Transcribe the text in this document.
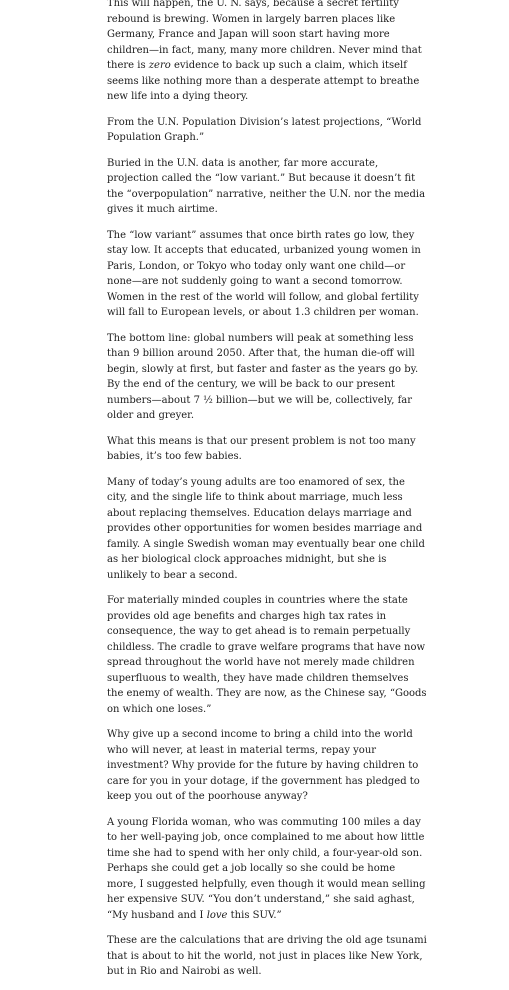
This will happen, the U. N. says, because a secret fertility rebound is brewing. Women in largely barren places like Germany, France and Japan will soon start having more children—in fact, many, many more children. Never mind that there is zero evidence to back up such a claim, which itself seems like nothing more than a desperate attempt to breathe new life into a dying theory.

From the U.N. Population Division’s latest projections, “World Population Graph.”

Buried in the U.N. data is another, far more accurate, projection called the “low variant.” But because it doesn’t fit the “overpopulation” narrative, neither the U.N. nor the media gives it much airtime.

The “low variant” assumes that once birth rates go low, they stay low. It accepts that educated, urbanized young women in Paris, London, or Tokyo who today only want one child—or none—are not suddenly going to want a second tomorrow. Women in the rest of the world will follow, and global fertility will fall to European levels, or about 1.3 children per woman.

The bottom line: global numbers will peak at something less than 9 billion around 2050. After that, the human die-off will begin, slowly at first, but faster and faster as the years go by. By the end of the century, we will be back to our present numbers—about 7 ½ billion—but we will be, collectively, far older and greyer.

What this means is that our present problem is not too many babies, it’s too few babies.

Many of today’s young adults are too enamored of sex, the city, and the single life to think about marriage, much less about replacing themselves. Education delays marriage and provides other opportunities for women besides marriage and family. A single Swedish woman may eventually bear one child as her biological clock approaches midnight, but she is unlikely to bear a second.

For materially minded couples in countries where the state provides old age benefits and charges high tax rates in consequence, the way to get ahead is to remain perpetually childless. The cradle to grave welfare programs that have now spread throughout the world have not merely made children superfluous to wealth, they have made children themselves the enemy of wealth. They are now, as the Chinese say, “Goods on which one loses.”

Why give up a second income to bring a child into the world who will never, at least in material terms, repay your investment? Why provide for the future by having children to care for you in your dotage, if the government has pledged to keep you out of the poorhouse anyway?

A young Florida woman, who was commuting 100 miles a day to her well-paying job, once complained to me about how little time she had to spend with her only child, a four-year-old son. Perhaps she could get a job locally so she could be home more, I suggested helpfully, even though it would mean selling her expensive SUV. “You don’t understand,” she said aghast, “My husband and I love this SUV.”

These are the calculations that are driving the old age tsunami that is about to hit the world, not just in places like New York, but in Rio and Nairobi as well.
